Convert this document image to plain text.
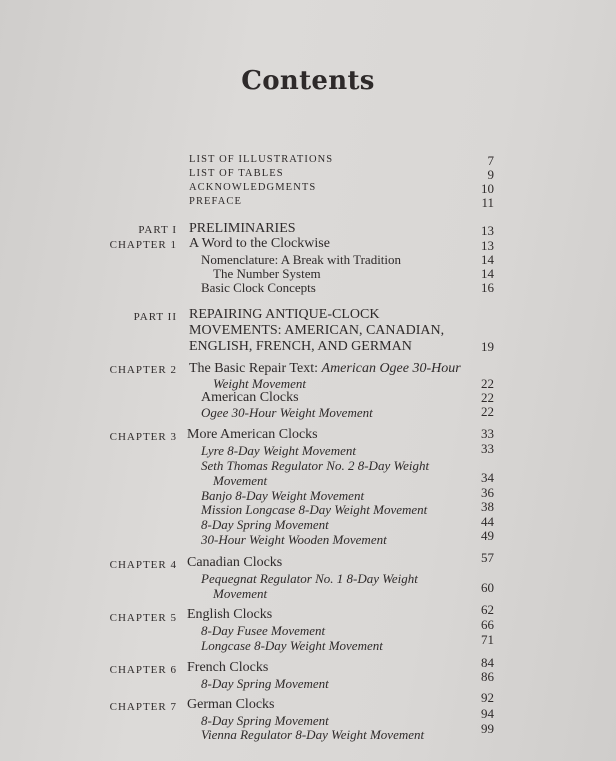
Contents
LIST OF ILLUSTRATIONS	7
LIST OF TABLES	9
ACKNOWLEDGMENTS	10
PREFACE	11
PART I PRELIMINARIES	13
CHAPTER 1 A Word to the Clockwise	13
Nomenclature: A Break with Tradition	14
The Number System	14
Basic Clock Concepts	16
PART II REPAIRING ANTIQUE-CLOCK
MOVEMENTS: AMERICAN, CANADIAN,
ENGLISH, FRENCH, AND GERMAN	19
CHAPTER 2 The Basic Repair Text: American Ogee 30-Hour
Weight Movement	22
American Clocks	22
Ogee 30-Hour Weight Movement	22
CHAPTER 3 More American Clocks	33
Lyre 8-Day Weight Movement	33
Seth Thomas Regulator No. 2 8-Day Weight
Movement	34
Banjo 8-Day Weight Movement	36
Mission Longcase 8-Day Weight Movement	38
8-Day Spring Movement	44
30-Hour Weight Wooden Movement	49
CHAPTER 4 Canadian Clocks	57
Pequegnat Regulator No. 1 8-Day Weight
Movement	60
CHAPTER 5 English Clocks	62
8-Day Fusee Movement	66
Longcase 8-Day Weight Movement	71
CHAPTER 6 French Clocks	84
8-Day Spring Movement	86
CHAPTER 7 German Clocks	92
8-Day Spring Movement	94
Vienna Regulator 8-Day Weight Movement	99
